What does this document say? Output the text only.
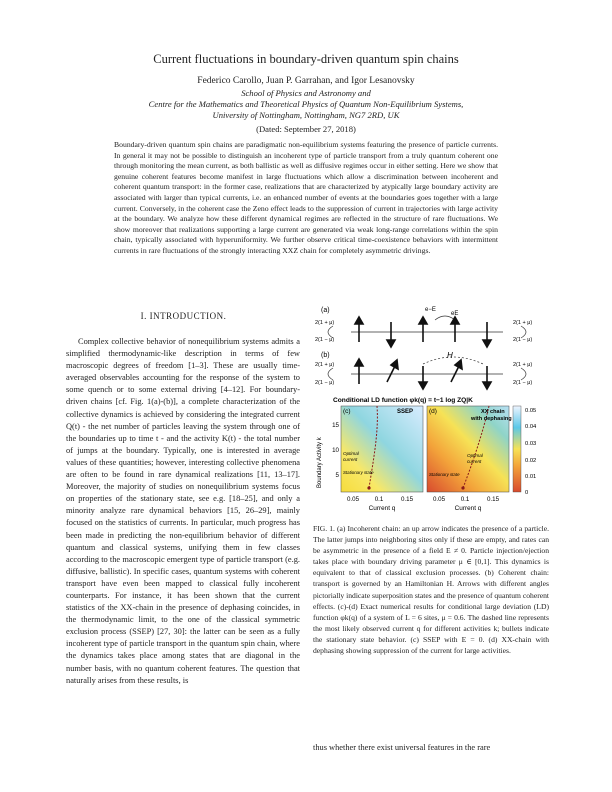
Current fluctuations in boundary-driven quantum spin chains
Federico Carollo, Juan P. Garrahan, and Igor Lesanovsky
School of Physics and Astronomy and
Centre for the Mathematics and Theoretical Physics of Quantum Non-Equilibrium Systems,
University of Nottingham, Nottingham, NG7 2RD, UK
(Dated: September 27, 2018)
Boundary-driven quantum spin chains are paradigmatic non-equilibrium systems featuring the presence of particle currents. In general it may not be possible to distinguish an incoherent type of particle transport from a truly quantum coherent one through monitoring the mean current, as both ballistic as well as diffusive regimes occur in either setting. Here we show that genuine coherent features become manifest in large fluctuations which allow a discrimination between incoherent and coherent quantum transport: in the former case, realizations that are characterized by atypically large boundary activity are associated with larger than typical currents, i.e. an enhanced number of events at the boundaries goes together with a large current. Conversely, in the coherent case the Zeno effect leads to the suppression of current in trajectories with large activity at the boundary. We analyze how these different dynamical regimes are reflected in the structure of rare fluctuations. We show moreover that realizations supporting a large current are generated via weak long-range correlations within the spin chain, typically associated with hyperuniformity. We further observe critical time-coexistence behaviors with intermittent currents in rare fluctuations of the strongly interacting XXZ chain for completely asymmetric drivings.
I. INTRODUCTION.

Complex collective behavior of nonequilibrium systems admits a simplified thermodynamic-like description in terms of few macroscopic degrees of freedom [1–3]. These are usually time-averaged observables accounting for the response of the system to some quench or to some external driving [4–12]. For boundary-driven chains [cf. Fig. 1(a)-(b)], a complete characterization of the collective dynamics is achieved by considering the integrated current Q(t) - the net number of particles leaving the system through one of the boundaries up to time t - and the activity K(t) - the total number of jumps at the boundary. Typically, one is interested in average values of these quantities; however, interesting collective phenomena are often to be found in rare dynamical realizations [11, 13–17]. Moreover, the majority of studies on nonequilibrium systems focus on properties of the stationary state, see e.g. [18–25], and only a minority analyze rare dynamical behaviors [15, 26–29], mainly focused on the statistics of currents. In particular, much progress has been made in predicting the non-equilibrium behavior of different quantum and classical systems, unifying them in few classes according to the macroscopic emergent type of particle transport (e.g. diffusive, ballistic). In specific cases, quantum systems with coherent transport have even been mapped to classical fully incoherent counterparts. For instance, it has been shown that the current statistics of the XX-chain in the presence of dephasing coincides, in the thermodynamic limit, to the one of the classical symmetric exclusion process (SSEP) [27, 30]: the latter can be seen as a fully incoherent type of particle transport in the quantum spin chain, where the dynamics takes place among states that are diagonal in the number basis, with no quantum coherent features. The question that naturally arises from these results, is

(a)
2(1 + μ)
2(1 − μ)
2(1 + μ)
2(1 − μ)
e−E
eE
(b)
2(1 + μ)
2(1 − μ)
2(1 + μ)
2(1 − μ)
H
Conditional LD function φk(q) = t−1 log ZQ|K
(c)	SSEP
Optimal
current
Stationary state
(d)	XX chain
with dephasing
Optimal
current
Stationary state
0.05
0.04
0.03
0.02
0.01
0
Boundary Activity k
15
10
5
0.05	0.1	0.15	0.05	0.1	0.15
Current q	Current q
FIG. 1. (a) Incoherent chain: an up arrow indicates the presence of a particle. The latter jumps into neighboring sites only if these are empty, and rates can be asymmetric in the presence of a field E ≠ 0. Particle injection/ejection takes place with boundary driving parameter μ ∈ [0,1]. This dynamics is equivalent to that of classical exclusion processes. (b) Coherent chain: transport is governed by an Hamiltonian H. Arrows with different angles pictorially indicate superposition states and the presence of quantum coherent effects. (c)-(d) Exact numerical results for conditional large deviation (LD) function φk(q) of a system of L = 6 sites, μ = 0.6. The dashed line represents the most likely observed current q for different activities k; bullets indicate the stationary state behavior. (c) SSEP with E = 0. (d) XX-chain with dephasing showing suppression of the current for large activities.
thus whether there exist universal features in the rare
